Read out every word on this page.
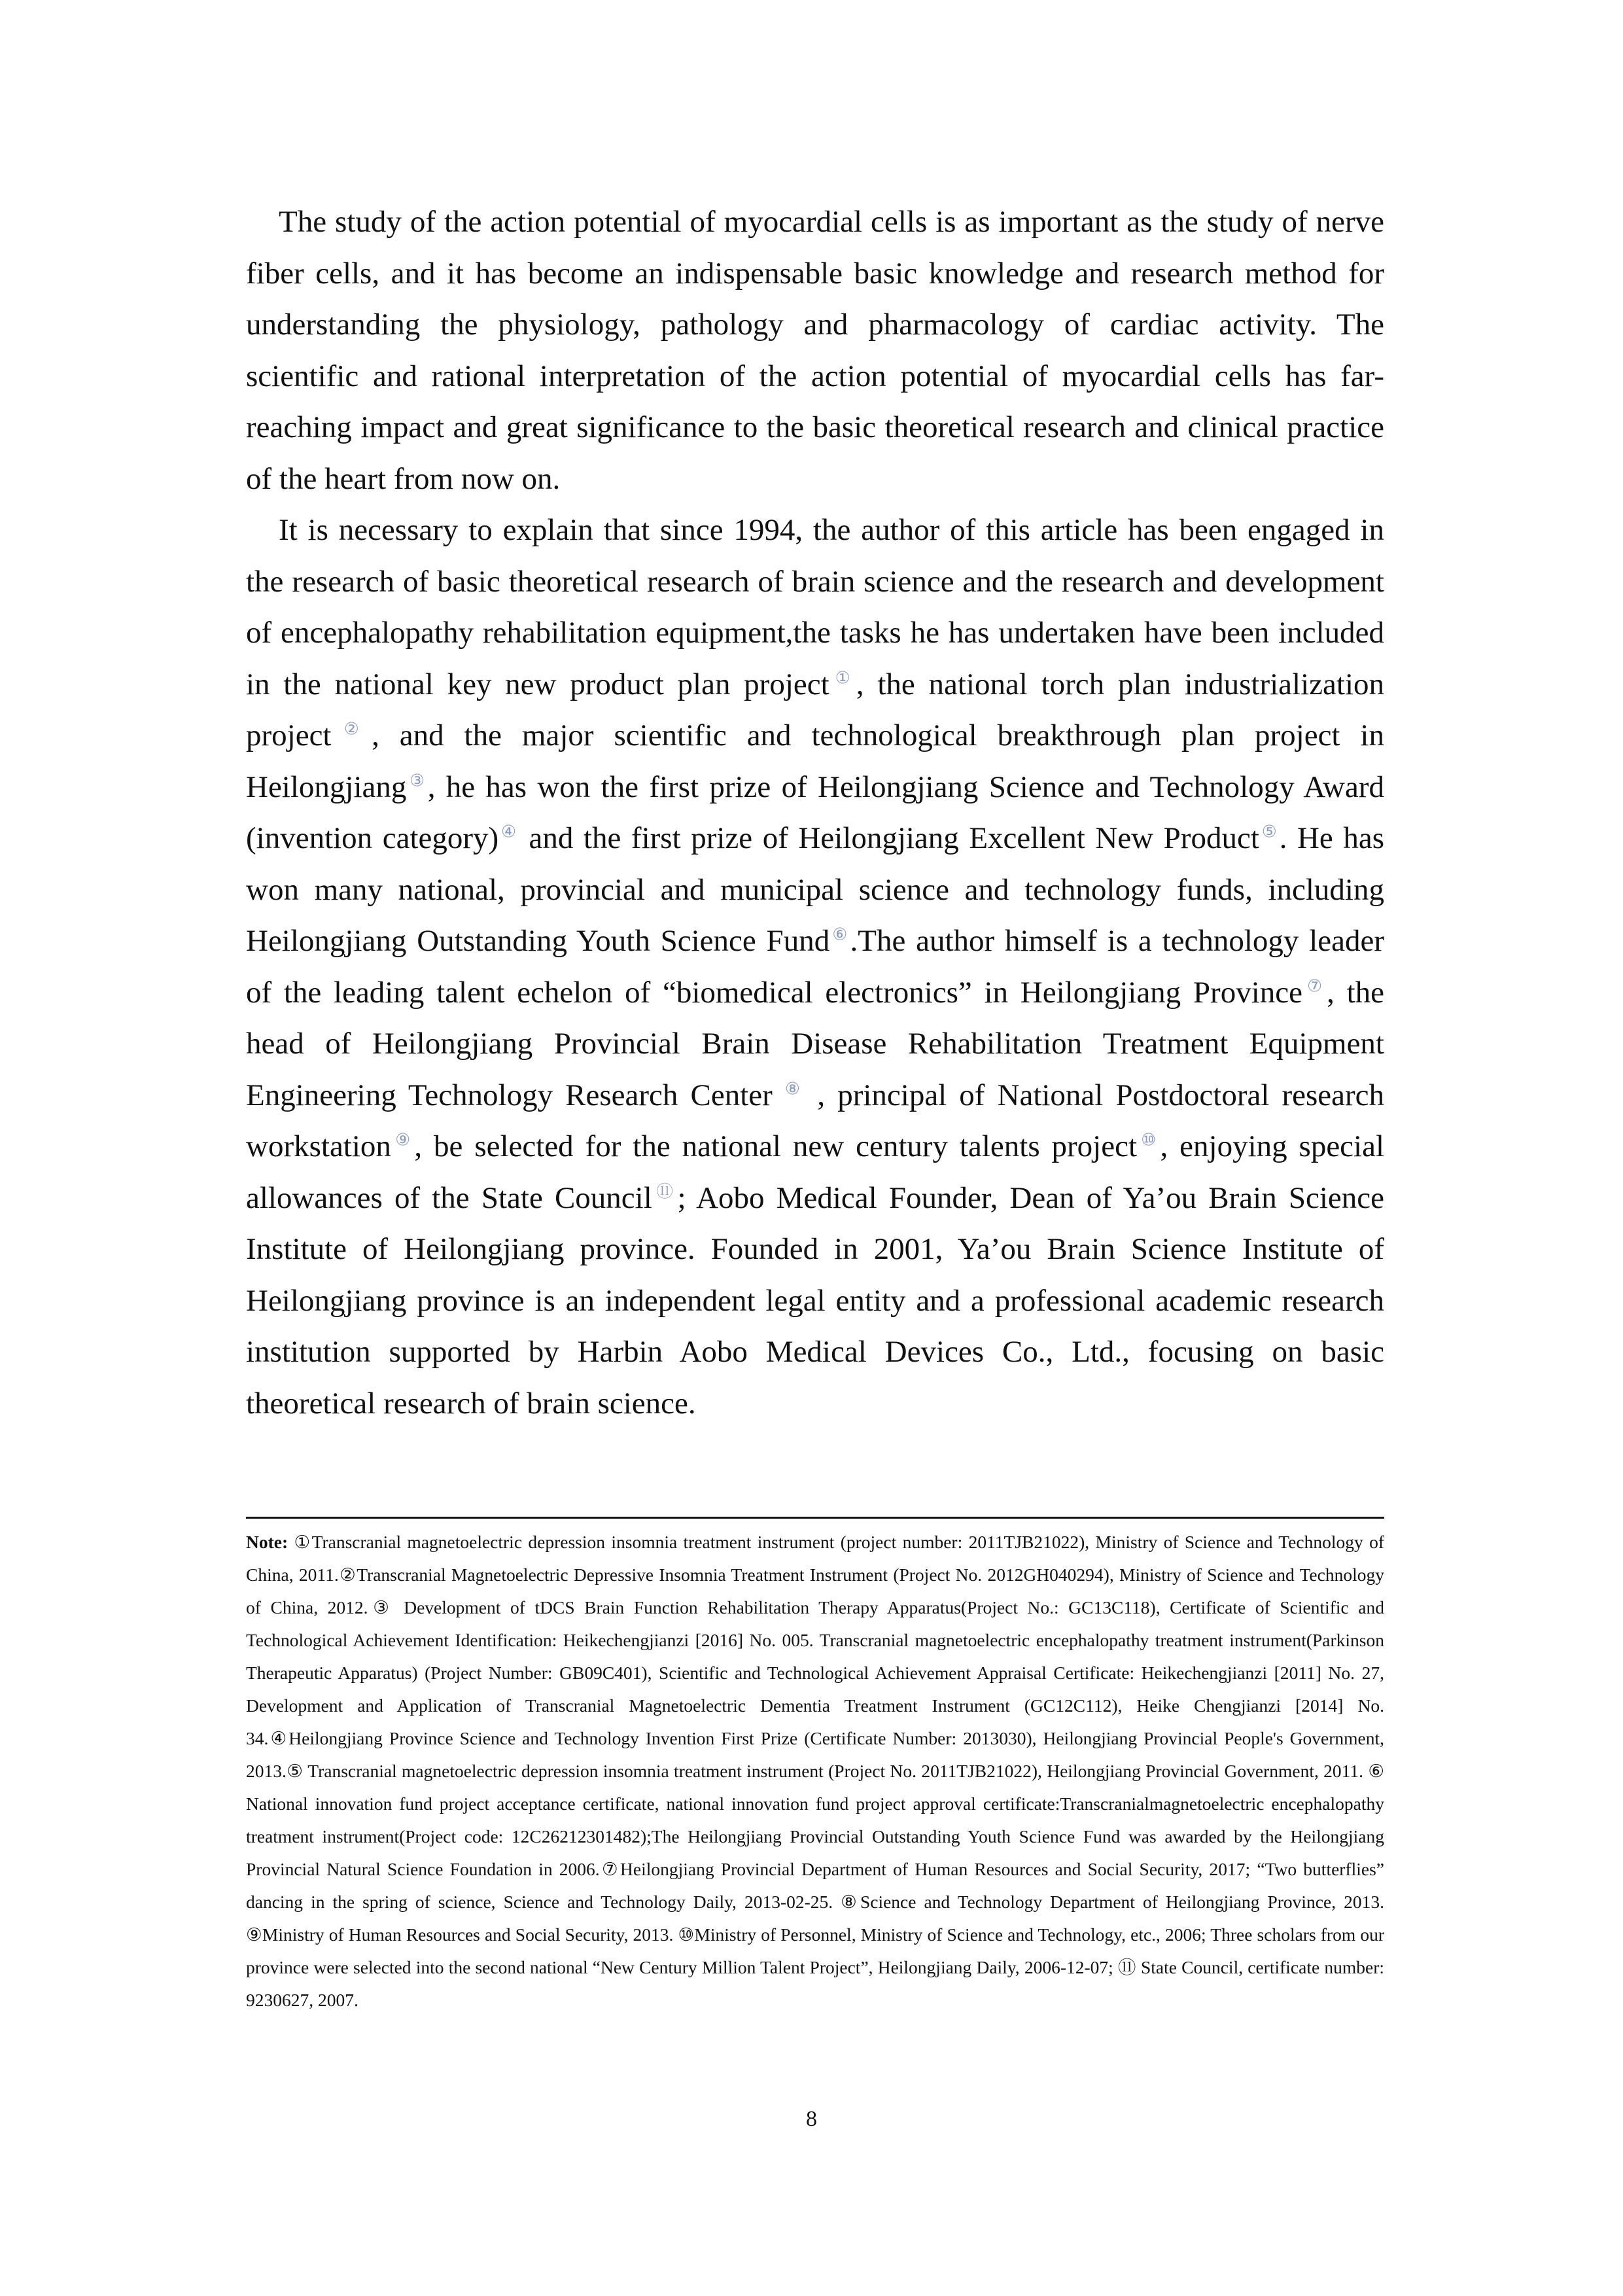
The study of the action potential of myocardial cells is as important as the study of nerve fiber cells, and it has become an indispensable basic knowledge and research method for understanding the physiology, pathology and pharmacology of cardiac activity. The scientific and rational interpretation of the action potential of myocardial cells has far-reaching impact and great significance to the basic theoretical research and clinical practice of the heart from now on.

It is necessary to explain that since 1994, the author of this article has been engaged in the research of basic theoretical research of brain science and the research and development of encephalopathy rehabilitation equipment,the tasks he has undertaken have been included in the national key new product plan project①, the national torch plan industrialization project②, and the major scientific and technological breakthrough plan project in Heilongjiang③, he has won the first prize of Heilongjiang Science and Technology Award (invention category)④ and the first prize of Heilongjiang Excellent New Product⑤. He has won many national, provincial and municipal science and technology funds, including Heilongjiang Outstanding Youth Science Fund⑥.The author himself is a technology leader of the leading talent echelon of “biomedical electronics” in Heilongjiang Province⑦, the head of Heilongjiang Provincial Brain Disease Rehabilitation Treatment Equipment Engineering Technology Research Center ⑧ , principal of National Postdoctoral research workstation⑨, be selected for the national new century talents project⑩, enjoying special allowances of the State Council⑪; Aobo Medical Founder, Dean of Ya’ou Brain Science Institute of Heilongjiang province. Founded in 2001, Ya’ou Brain Science Institute of Heilongjiang province is an independent legal entity and a professional academic research institution supported by Harbin Aobo Medical Devices Co., Ltd., focusing on basic theoretical research of brain science.

Note: ①Transcranial magnetoelectric depression insomnia treatment instrument (project number: 2011TJB21022), Ministry of Science and Technology of China, 2011.②Transcranial Magnetoelectric Depressive Insomnia Treatment Instrument (Project No. 2012GH040294), Ministry of Science and Technology of China, 2012.③ Development of tDCS Brain Function Rehabilitation Therapy Apparatus(Project No.: GC13C118), Certificate of Scientific and Technological Achievement Identification: Heikechengjianzi [2016] No. 005. Transcranial magnetoelectric encephalopathy treatment instrument(Parkinson Therapeutic Apparatus) (Project Number: GB09C401), Scientific and Technological Achievement Appraisal Certificate: Heikechengjianzi [2011] No. 27, Development and Application of Transcranial Magnetoelectric Dementia Treatment Instrument (GC12C112), Heike Chengjianzi [2014] No. 34.④Heilongjiang Province Science and Technology Invention First Prize (Certificate Number: 2013030), Heilongjiang Provincial People's Government, 2013.⑤ Transcranial magnetoelectric depression insomnia treatment instrument (Project No. 2011TJB21022), Heilongjiang Provincial Government, 2011. ⑥ National innovation fund project acceptance certificate, national innovation fund project approval certificate:Transcranialmagnetoelectric encephalopathy treatment instrument(Project code: 12C26212301482);The Heilongjiang Provincial Outstanding Youth Science Fund was awarded by the Heilongjiang Provincial Natural Science Foundation in 2006.⑦Heilongjiang Provincial Department of Human Resources and Social Security, 2017; “Two butterflies” dancing in the spring of science, Science and Technology Daily, 2013-02-25. ⑧Science and Technology Department of Heilongjiang Province, 2013. ⑨Ministry of Human Resources and Social Security, 2013. ⑩Ministry of Personnel, Ministry of Science and Technology, etc., 2006; Three scholars from our province were selected into the second national “New Century Million Talent Project”, Heilongjiang Daily, 2006-12-07; ⑪ State Council, certificate number: 9230627, 2007.

8
